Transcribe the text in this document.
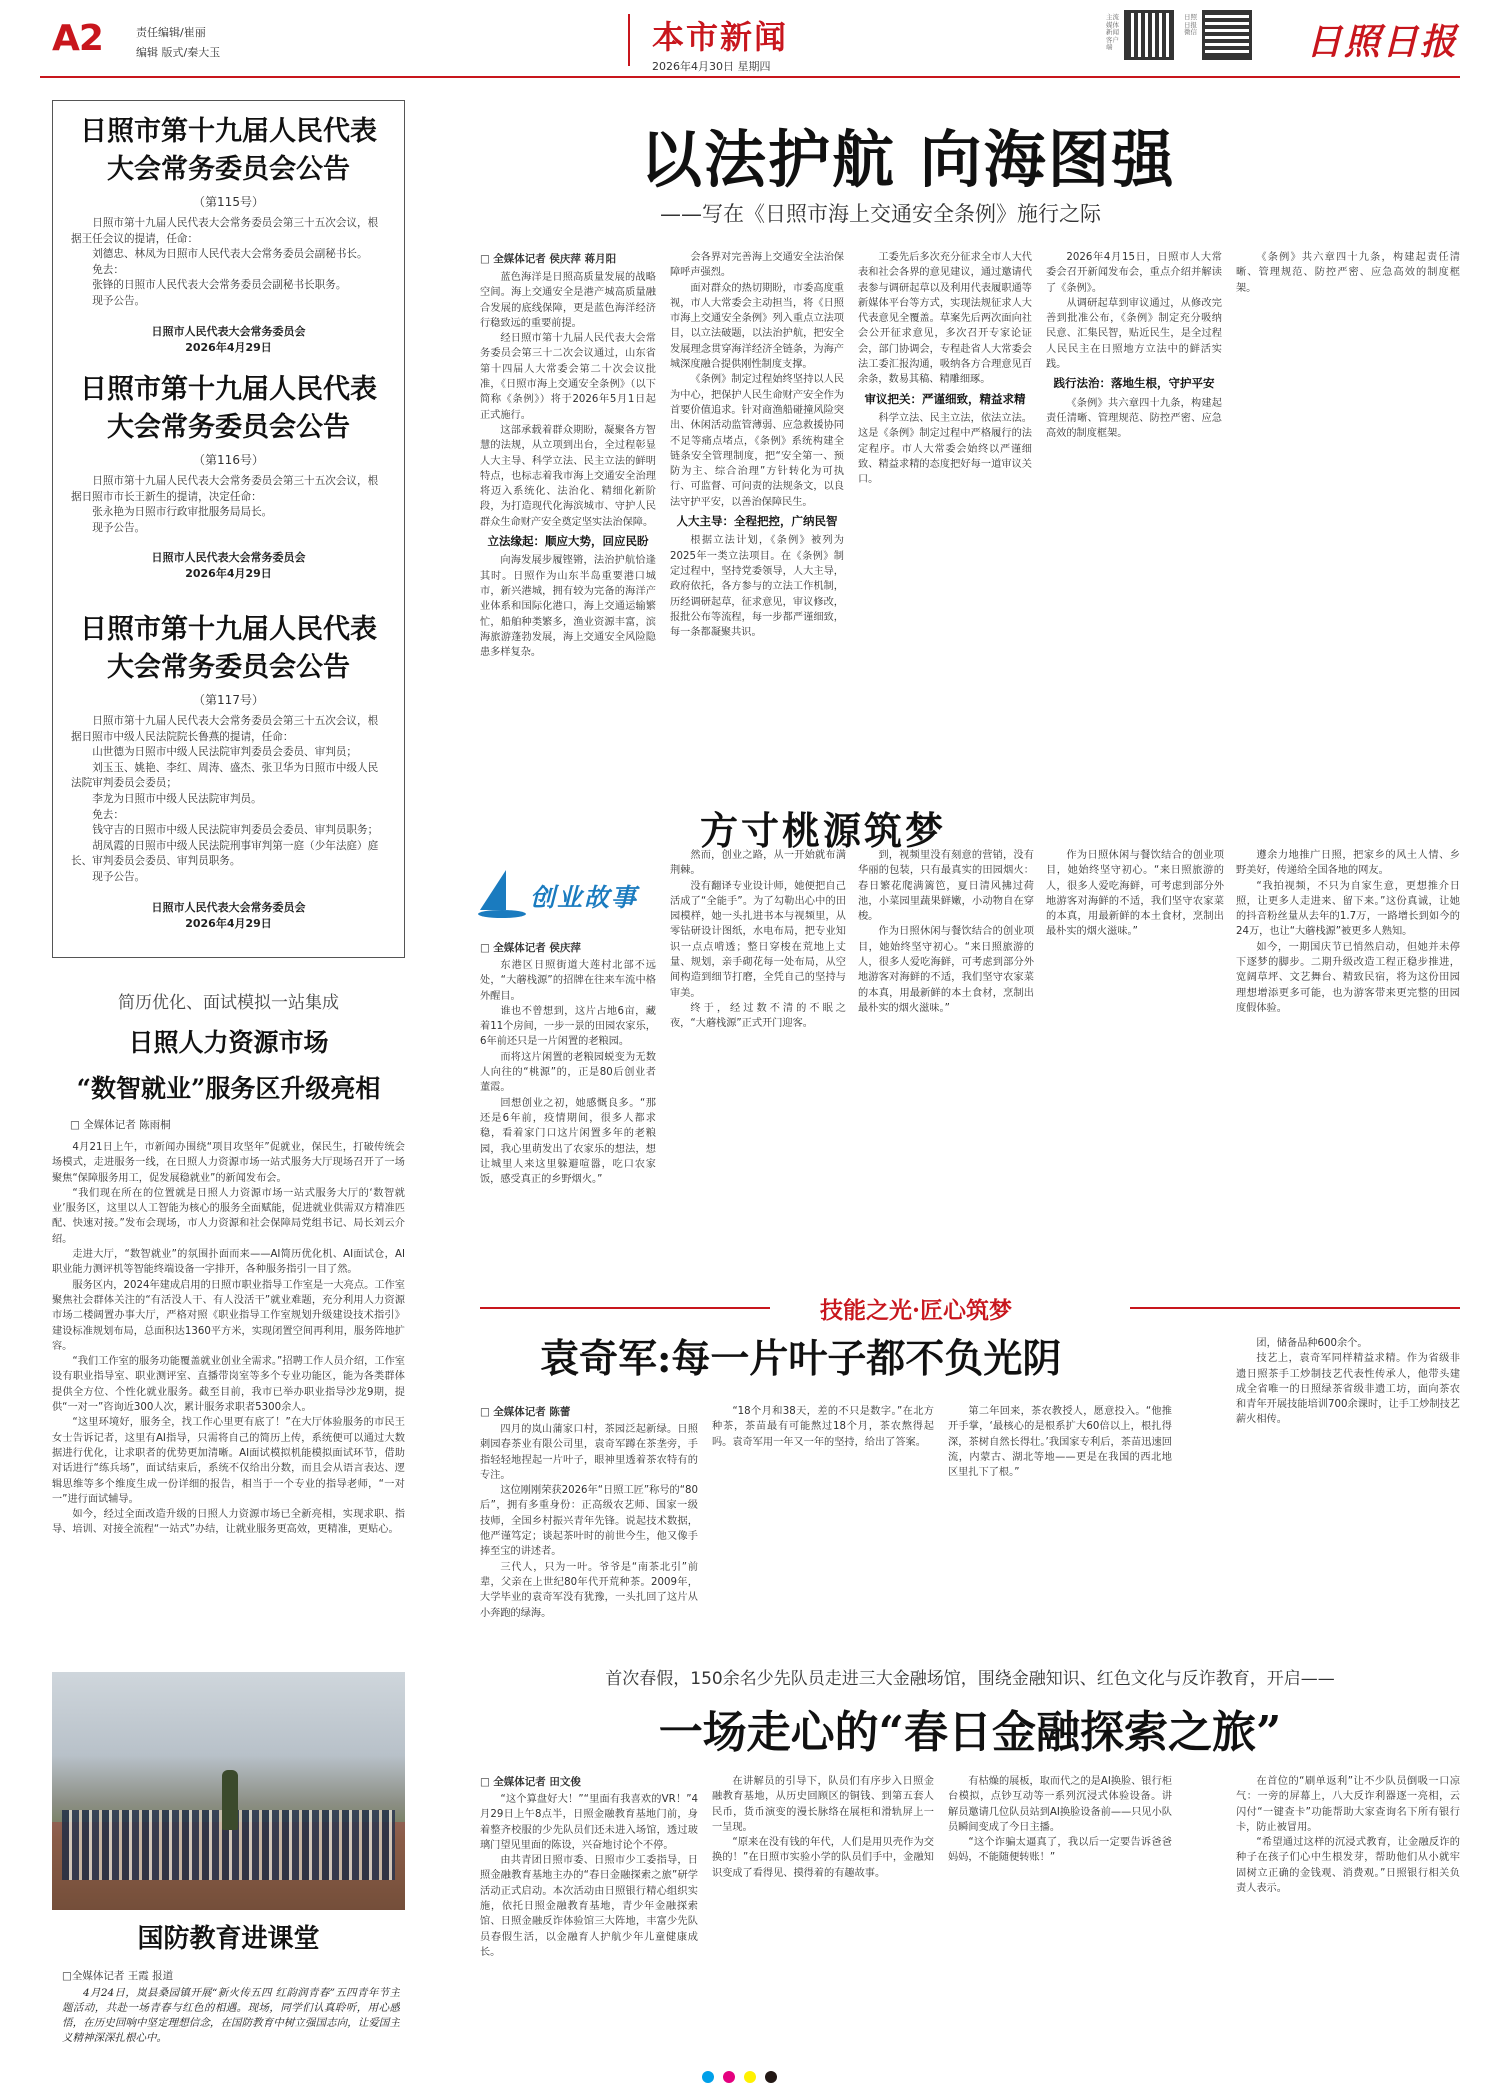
A2	责任编辑/崔丽
编辑 版式/秦大玉	本市新闻
2026年4月30日 星期四
主流媒体新闻客户端
日照日报微信	日照日报
日照市第十九届人民代表大会常务委员会公告
（第115号）

日照市第十九届人民代表大会常务委员会第三十五次会议，根据王任会议的提请，任命：

刘德忠、林凤为日照市人民代表大会常务委员会副秘书长。

免去：

张锋的日照市人民代表大会常务委员会副秘书长职务。

现予公告。

日照市人民代表大会常务委员会
2026年4月29日
日照市第十九届人民代表大会常务委员会公告
（第116号）

日照市第十九届人民代表大会常务委员会第三十五次会议，根据日照市市长王新生的提请，决定任命：

张永艳为日照市行政审批服务局局长。

现予公告。

日照市人民代表大会常务委员会
2026年4月29日
日照市第十九届人民代表大会常务委员会公告
（第117号）

日照市第十九届人民代表大会常务委员会第三十五次会议，根据日照市中级人民法院院长鲁燕的提请，任命：

山世德为日照市中级人民法院审判委员会委员、审判员；

刘玉玉、姚艳、李红、周涛、盛杰、张卫华为日照市中级人民法院审判委员会委员；

李龙为日照市中级人民法院审判员。

免去：

钱守吉的日照市中级人民法院审判委员会委员、审判员职务；

胡凤霞的日照市中级人民法院刑事审判第一庭（少年法庭）庭长、审判委员会委员、审判员职务。

现予公告。

日照市人民代表大会常务委员会
2026年4月29日
简历优化、面试模拟一站集成
日照人力资源市场
“数智就业”服务区升级亮相
□ 全媒体记者 陈雨桐

4月21日上午，市新闻办围绕“项目攻坚年”促就业，保民生，打破传统会场模式，走进服务一线，在日照人力资源市场一站式服务大厅现场召开了一场聚焦“保障服务用工，促发展稳就业”的新闻发布会。

“我们现在所在的位置就是日照人力资源市场一站式服务大厅的‘数智就业’服务区，这里以人工智能为核心的服务全面赋能，促进就业供需双方精准匹配、快速对接。”发布会现场，市人力资源和社会保障局党组书记、局长刘云介绍。

走进大厅，“数智就业”的氛围扑面而来——AI简历优化机、AI面试仓，AI职业能力测评机等智能终端设备一字排开，各种服务指引一目了然。

服务区内，2024年建成启用的日照市职业指导工作室是一大亮点。工作室聚焦社会群体关注的“有活没人干、有人没活干”就业难题，充分利用人力资源市场二楼阔置办事大厅，严格对照《职业指导工作室规划升级建设技术指引》建设标准规划布局，总面积达1360平方米，实现闭置空间再利用，服务阵地扩容。

“我们工作室的服务功能覆盖就业创业全需求。”招聘工作人员介绍，工作室设有职业指导室、职业测评室、直播带岗室等多个专业功能区，能为各类群体提供全方位、个性化就业服务。截至目前，我市已举办职业指导沙龙9期，提供“一对一”咨询近300人次，累计服务求职者5300余人。

“这里环境好，服务全，找工作心里更有底了！”在大厅体验服务的市民王女士告诉记者，这里有AI指导，只需将自己的简历上传，系统便可以通过大数据进行优化，让求职者的优势更加清晰。AI面试模拟机能模拟面试环节，借助对话进行“练兵场”，面试结束后，系统不仅给出分数，而且会从语言表达、逻辑思维等多个维度生成一份详细的报告，相当于一个专业的指导老师，“一对一”进行面试辅导。

如今，经过全面改造升级的日照人力资源市场已全新亮相，实现求职、指导、培训、对接全流程“一站式”办结，让就业服务更高效，更精准，更贴心。

国防教育进课堂
□全媒体记者 王霞 报道
4月24日，岚县桑园镇开展“新火传五四 红韵润青春”五四青年节主题活动，共赴一场青春与红色的相遇。现场，同学们认真聆听，用心感悟，在历史回响中坚定理想信念，在国防教育中树立强国志向，让爱国主义精神深深扎根心中。
以法护航 向海图强
——写在《日照市海上交通安全条例》施行之际
□ 全媒体记者 侯庆萍 蒋月阳

蓝色海洋是日照高质量发展的战略空间。海上交通安全是港产城高质量融合发展的底线保障，更是蓝色海洋经济行稳致远的重要前提。

经日照市第十九届人民代表大会常务委员会第三十二次会议通过，山东省第十四届人大常委会第二十次会议批准，《日照市海上交通安全条例》（以下简称《条例》）将于2026年5月1日起正式施行。

这部承载着群众期盼，凝聚各方智慧的法规，从立项到出台，全过程彰显人大主导、科学立法、民主立法的鲜明特点，也标志着我市海上交通安全治理将迈入系统化、法治化、精细化新阶段，为打造现代化海滨城市、守护人民群众生命财产安全奠定坚实法治保障。

立法缘起：顺应大势，回应民盼

向海发展步履铿锵，法治护航恰逢其时。日照作为山东半岛重要港口城市，新兴港城，拥有较为完备的海洋产业体系和国际化港口，海上交通运输繁忙，船舶种类繁多，渔业资源丰富，滨海旅游蓬勃发展，海上交通安全风险隐患多样复杂。

会各界对完善海上交通安全法治保障呼声强烈。

面对群众的热切期盼，市委高度重视，市人大常委会主动担当，将《日照市海上交通安全条例》列入重点立法项目，以立法破题，以法治护航，把安全发展理念贯穿海洋经济全链条，为海产城深度融合提供刚性制度支撑。

《条例》制定过程始终坚持以人民为中心，把保护人民生命财产安全作为首要价值追求。针对商渔船碰撞风险突出、休闲活动监管薄弱、应急救援协同不足等痛点堵点，《条例》系统构建全链条安全管理制度，把“安全第一、预防为主、综合治理”方针转化为可执行、可监督、可问责的法规条文，以良法守护平安，以善治保障民生。

人大主导：全程把控，广纳民智

根据立法计划，《条例》被列为2025年一类立法项目。在《条例》制定过程中，坚持党委领导，人大主导，政府依托，各方参与的立法工作机制，历经调研起草，征求意见，审议修改，报批公布等流程，每一步都严谨细致，每一条都凝聚共识。

工委先后多次充分征求全市人大代表和社会各界的意见建议，通过邀请代表参与调研起草以及利用代表履职通等新媒体平台等方式，实现法规征求人大代表意见全覆盖。草案先后两次面向社会公开征求意见，多次召开专家论证会，部门协调会，专程赴省人大常委会法工委汇报沟通，吸纳各方合理意见百余条，数易其稿、精雕细琢。

审议把关：严谨细致，精益求精

科学立法、民主立法，依法立法。这是《条例》制定过程中严格履行的法定程序。市人大常委会始终以严谨细致、精益求精的态度把好每一道审议关口。

2026年4月15日，日照市人大常委会召开新闻发布会，重点介绍并解读了《条例》。

从调研起草到审议通过，从修改完善到批准公布，《条例》制定充分吸纳民意、汇集民智，贴近民生，是全过程人民民主在日照地方立法中的鲜活实践。

践行法治：落地生根，守护平安

《条例》共六章四十九条，构建起责任清晰、管理规范、防控严密、应急高效的制度框架。

《条例》共六章四十九条，构建起责任清晰、管理规范、防控严密、应急高效的制度框架。

方寸桃源筑梦
创业故事
□ 全媒体记者 侯庆萍

东港区日照街道大莲村北部不远处，“大蘑栈源”的招牌在往来车流中格外醒目。

谁也不曾想到，这片占地6亩，藏着11个房间，一步一景的田园农家乐，6年前还只是一片闲置的老粮园。

而将这片闲置的老粮园蜕变为无数人向往的“桃源”的，正是80后创业者董霞。

回想创业之初，她感慨良多。“那还是6年前，疫情期间，很多人都求稳，看着家门口这片闲置多年的老粮园，我心里萌发出了农家乐的想法，想让城里人来这里躲避喧嚣，吃口农家饭，感受真正的乡野烟火。”

然而，创业之路，从一开始就布满荆棘。

没有翻译专业设计师，她便把自己活成了“全能手”。为了勾勒出心中的田园模样，她一头扎进书本与视频里，从零钻研设计图纸，水电布局，把专业知识一点点啃透；整日穿梭在荒地上丈量、规划，亲手砌花每一处布局，从空间构造到细节打磨，全凭自己的坚持与审美。

终于，经过数不清的不眠之夜，“大蘑栈源”正式开门迎客。

到，视频里没有刻意的营销，没有华丽的包装，只有最真实的田园烟火：春日繁花爬满篱笆，夏日清风拂过荷池，小菜园里蔬果鲜嫩，小动物自在穿梭。

作为日照休闲与餐饮结合的创业项目，她始终坚守初心。“来日照旅游的人，很多人爱吃海鲜，可考虑到部分外地游客对海鲜的不适，我们坚守农家菜的本真，用最新鲜的本土食材，烹制出最朴实的烟火滋味。”

作为日照休闲与餐饮结合的创业项目，她始终坚守初心。“来日照旅游的人，很多人爱吃海鲜，可考虑到部分外地游客对海鲜的不适，我们坚守农家菜的本真，用最新鲜的本土食材，烹制出最朴实的烟火滋味。”

遵余力地推广日照，把家乡的风土人情、乡野美好，传递给全国各地的网友。

“我拍视频，不只为自家生意，更想推介日照，让更多人走进来、留下来。”这份真诚，让她的抖音粉丝量从去年的1.7万，一路增长到如今的24万，也让“大蘑栈源”被更多人熟知。

如今，一期国庆节已悄然启动，但她并未停下逐梦的脚步。二期升级改造工程正稳步推进，宽阔草坪、文艺舞台、精致民宿，将为这份田园理想增添更多可能，也为游客带来更完整的田园度假体验。

技能之光·匠心筑梦
袁奇军:每一片叶子都不负光阴
□ 全媒体记者 陈蕾

四月的岚山蒲家口村，茶园泛起新绿。日照刺园春茶业有限公司里，袁奇军蹲在茶垄旁，手指轻轻地捏起一片叶子，眼神里透着茶农特有的专注。

这位刚刚荣获2026年“日照工匠”称号的“80后”，拥有多重身份：正高级农艺师、国家一级技师，全国乡村振兴青年先锋。说起技术数据，他严谨笃定；谈起茶叶时的前世今生，他又像手捧至宝的讲述者。

三代人，只为一叶。爷爷是“南茶北引”前辈，父亲在上世纪80年代开荒种茶。2009年，大学毕业的袁奇军没有犹豫，一头扎回了这片从小奔跑的绿海。

“18个月和38天，差的不只是数字。”在北方种茶，茶苗最有可能熬过18个月，茶农熬得起吗。袁奇军用一年又一年的坚持，给出了答案。

第二年回来，茶农教授人，愿意投入。“他推开手掌，‘最核心的是根系扩大60倍以上，根扎得深，茶树自然长得壮。’我国家专利后，茶苗迅速回流，内蒙古、湖北等地——更是在我国的西北地区里扎下了根。”

团，储备品种600余个。

技艺上，袁奇军同样精益求精。作为省级非遗日照茶手工炒制技艺代表性传承人，他带头建成全省唯一的日照绿茶省级非遗工坊，面向茶农和青年开展技能培训700余课时，让手工炒制技艺薪火相传。

首次春假，150余名少先队员走进三大金融场馆，围绕金融知识、红色文化与反诈教育，开启——
一场走心的“春日金融探索之旅”
□ 全媒体记者 田文俊

“这个算盘好大！”“里面有我喜欢的VR！”4月29日上午8点半，日照金融教育基地门前，身着整齐校服的少先队员们还未进入场馆，透过玻璃门望见里面的陈设，兴奋地讨论个不停。

由共青团日照市委、日照市少工委指导，日照金融教育基地主办的“春日金融探索之旅”研学活动正式启动。本次活动由日照银行精心组织实施，依托日照金融教育基地，青少年金融探索馆、日照金融反诈体验馆三大阵地，丰富少先队员春假生活，以金融育人护航少年儿童健康成长。

在讲解员的引导下，队员们有序步入日照金融教育基地，从历史回顾区的铜钱、到第五套人民币，货币演变的漫长脉络在展柜和滑轨屏上一一呈现。

“原来在没有钱的年代，人们是用贝壳作为交换的！”在日照市实验小学的队员们手中，金融知识变成了看得见、摸得着的有趣故事。

有枯燥的展板，取而代之的是AI换脸、银行柜台模拟，点钞互动等一系列沉浸式体验设备。讲解员邀请几位队员站到AI换脸设备前——只见小队员瞬间变成了今日主播。

“这个诈骗太逼真了，我以后一定要告诉爸爸妈妈，不能随便转账！”

在首位的“刷单返利”让不少队员倒吸一口凉气：一旁的屏幕上，八大反诈利器逐一亮相，云闪付“一键查卡”功能帮助大家查询名下所有银行卡，防止被冒用。

“希望通过这样的沉浸式教育，让金融反诈的种子在孩子们心中生根发芽，帮助他们从小就牢固树立正确的金钱观、消费观。”日照银行相关负责人表示。
